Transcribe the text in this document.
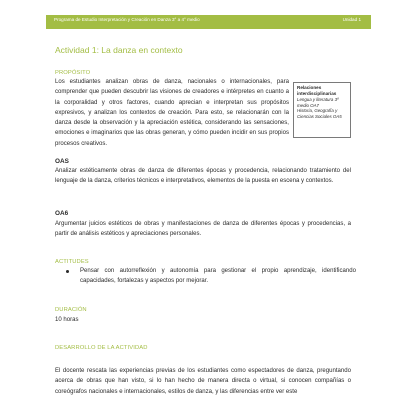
Programa de Estudio Interpretación y Creación en Danza 3° a 4° medio	Unidad 1
Actividad 1: La danza en contexto
PROPÓSITO
Los estudiantes analizan obras de danza, nacionales o internacionales, para comprender que pueden descubrir las visiones de creadores e intérpretes en cuanto a la corporalidad y otros factores, cuando aprecian e interpretan sus propósitos expresivos, y analizan los contextos de creación. Para esto, se relacionarán con la danza desde la observación y la apreciación estética, considerando las sensaciones, emociones e imaginarios que las obras generan, y cómo pueden incidir en sus propios procesos creativos.
Relaciones interdisciplinarias
Lengua y literatura 3º medio OA7
Historia, Geografía y Ciencias Sociales OA5
OAS
Analizar estéticamente obras de danza de diferentes épocas y procedencia, relacionando tratamiento del lenguaje de la danza, criterios técnicos e interpretativos, elementos de la puesta en escena y contextos.
OA6
Argumentar juicios estéticos de obras y manifestaciones de danza de diferentes épocas y procedencias, a partir de análisis estéticos y apreciaciones personales.
ACTITUDES
Pensar con autorreflexión y autonomía para gestionar el propio aprendizaje, identificando capacidades, fortalezas y aspectos por mejorar.
DURACIÓN
10 horas
DESARROLLO DE LA ACTIVIDAD
El docente rescata las experiencias previas de los estudiantes como espectadores de danza, preguntando acerca de obras que han visto, si lo han hecho de manera directa o virtual, si conocen compañías o coreógrafos nacionales e internacionales, estilos de danza, y las diferencias entre ver este
